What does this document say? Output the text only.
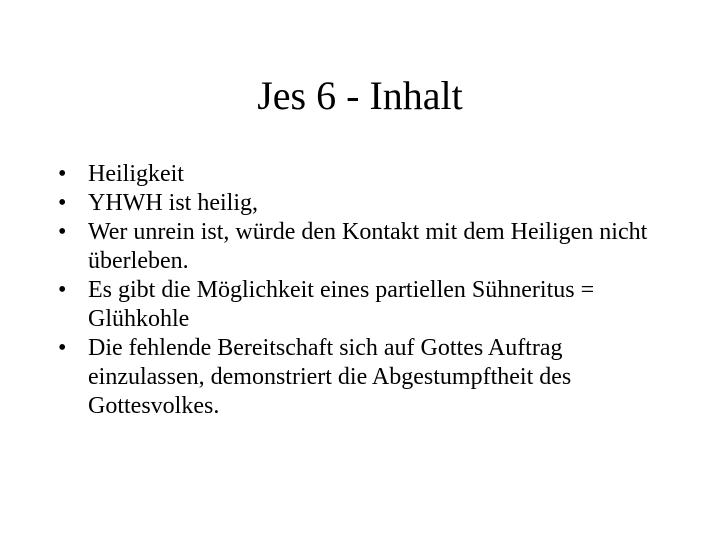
Jes 6 - Inhalt
• Heiligkeit
• YHWH ist heilig,
• Wer unrein ist, würde den Kontakt mit dem Heiligen nicht überleben.
• Es gibt die Möglichkeit eines partiellen Sühneritus = Glühkohle
• Die fehlende Bereitschaft sich auf Gottes Auftrag einzulassen, demonstriert die Abgestumpftheit des Gottesvolkes.
